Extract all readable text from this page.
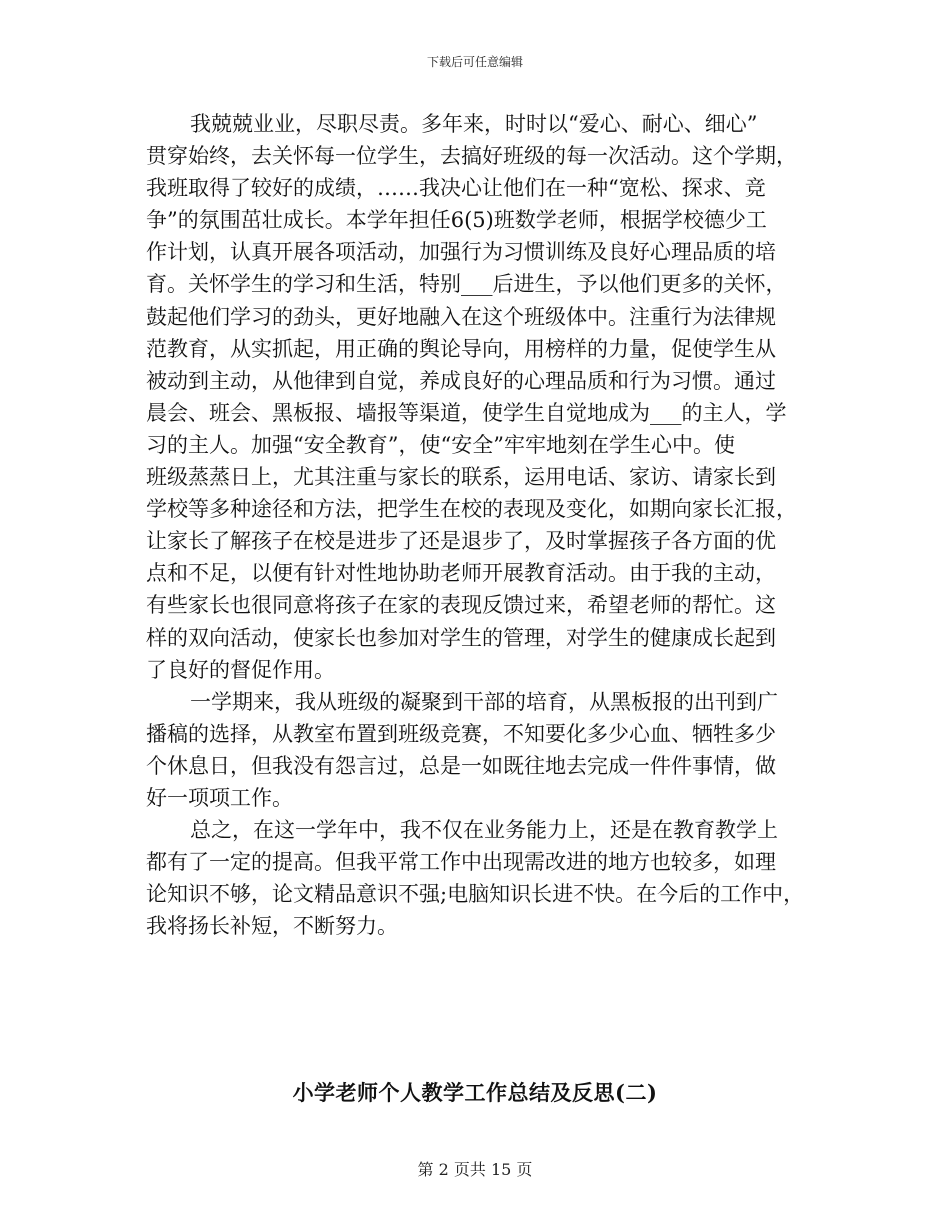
下载后可任意编辑
我兢兢业业，尽职尽责。多年来，时时以“爱心、耐心、细心”
贯穿始终，去关怀每一位学生，去搞好班级的每一次活动。这个学期，
我班取得了较好的成绩，……我决心让他们在一种“宽松、探求、竞
争”的氛围茁壮成长。本学年担任6(5)班数学老师，根据学校德少工
作计划，认真开展各项活动，加强行为习惯训练及良好心理品质的培
育。关怀学生的学习和生活，特别___后进生，予以他们更多的关怀，
鼓起他们学习的劲头，更好地融入在这个班级体中。注重行为法律规
范教育，从实抓起，用正确的舆论导向，用榜样的力量，促使学生从
被动到主动，从他律到自觉，养成良好的心理品质和行为习惯。通过
晨会、班会、黑板报、墙报等渠道，使学生自觉地成为___的主人，学
习的主人。加强“安全教育”，使“安全”牢牢地刻在学生心中。使
班级蒸蒸日上，尤其注重与家长的联系，运用电话、家访、请家长到
学校等多种途径和方法，把学生在校的表现及变化，如期向家长汇报，
让家长了解孩子在校是进步了还是退步了，及时掌握孩子各方面的优
点和不足，以便有针对性地协助老师开展教育活动。由于我的主动，
有些家长也很同意将孩子在家的表现反馈过来，希望老师的帮忙。这
样的双向活动，使家长也参加对学生的管理，对学生的健康成长起到
了良好的督促作用。
一学期来，我从班级的凝聚到干部的培育，从黑板报的出刊到广
播稿的选择，从教室布置到班级竞赛，不知要化多少心血、牺牲多少
个休息日，但我没有怨言过，总是一如既往地去完成一件件事情，做
好一项项工作。
总之，在这一学年中，我不仅在业务能力上，还是在教育教学上
都有了一定的提高。但我平常工作中出现需改进的地方也较多，如理
论知识不够，论文精品意识不强;电脑知识长进不快。在今后的工作中，
我将扬长补短，不断努力。
小学老师个人教学工作总结及反思(二)
第 2 页共 15 页
